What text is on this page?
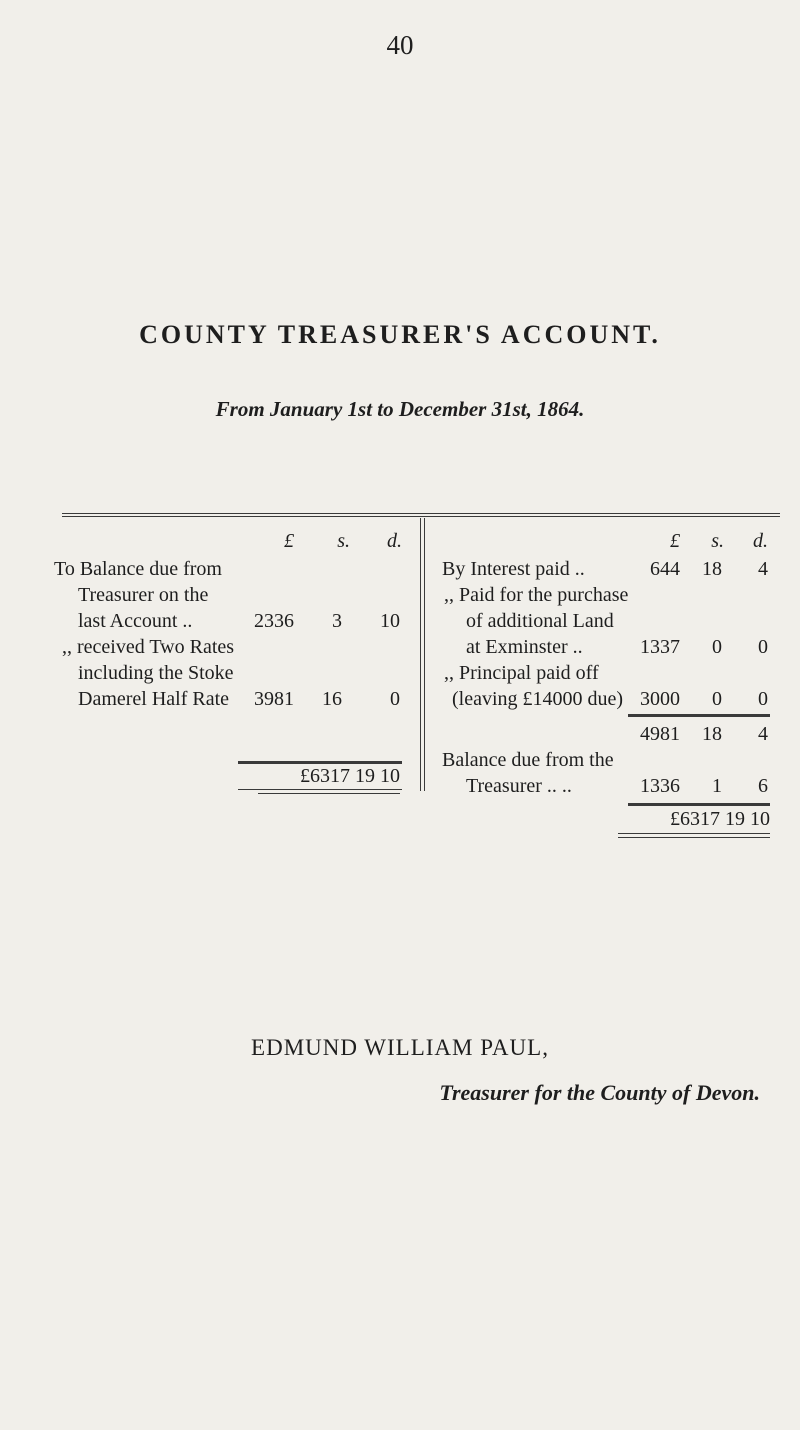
40
COUNTY TREASURER'S ACCOUNT.
From January 1st to December 31st, 1864.
£	s.	d.
To Balance due from
Treasurer on the
last Account ..	2336	3	10
,, received Two Rates
including the Stoke
Damerel Half Rate	3981	16	0
£6317 19 10
£	s.	d.
By Interest paid ..	644	18	4
,, Paid for the purchase
of additional Land
at Exminster ..	1337	0	0
,, Principal paid off
(leaving £14000 due) 3000	0	0
4981	18	4
Balance due from the
Treasurer .. ..	1336	1	6
£6317 19 10
EDMUND WILLIAM PAUL,
Treasurer for the County of Devon.
